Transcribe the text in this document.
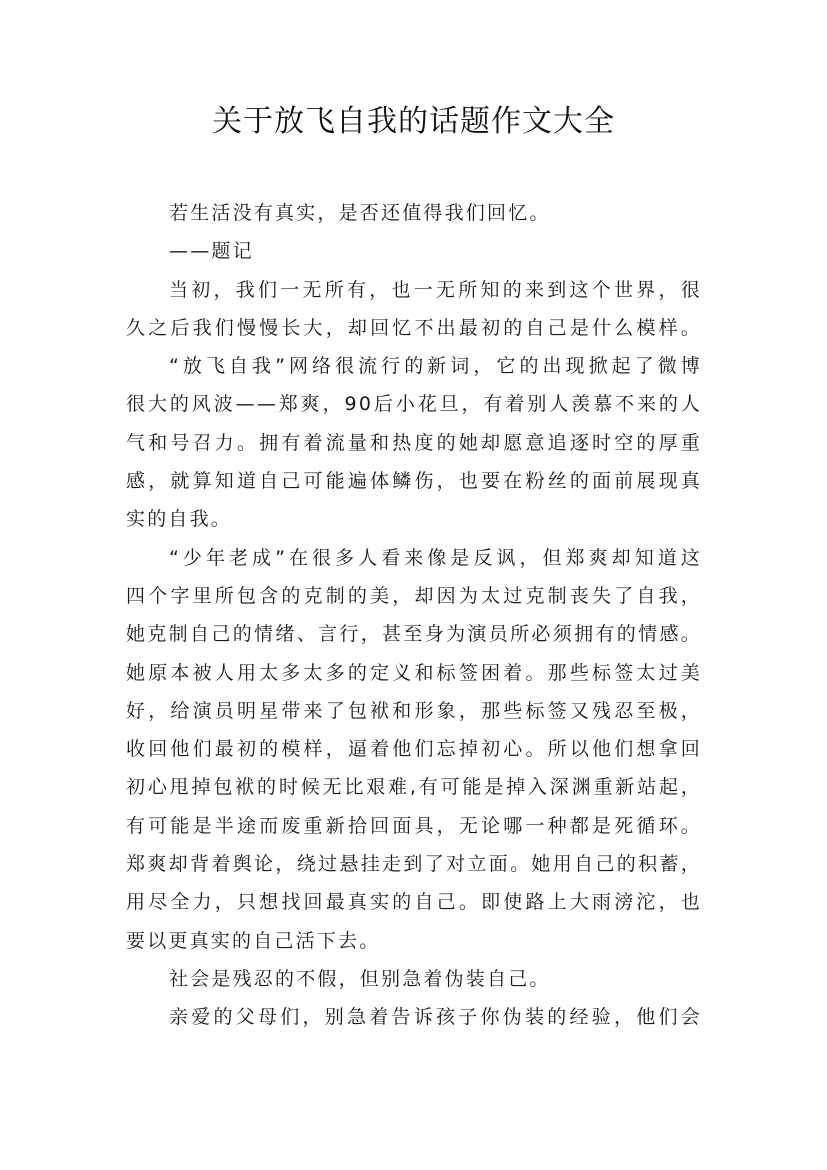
关于放飞自我的话题作文大全
若生活没有真实，是否还值得我们回忆。
——题记
当初，我们一无所有，也一无所知的来到这个世界，很
久之后我们慢慢长大，却回忆不出最初的自己是什么模样。
“放飞自我”网络很流行的新词，它的出现掀起了微博
很大的风波——郑爽，90后小花旦，有着别人羡慕不来的人
气和号召力。拥有着流量和热度的她却愿意追逐时空的厚重
感，就算知道自己可能遍体鳞伤，也要在粉丝的面前展现真
实的自我。
“少年老成”在很多人看来像是反讽，但郑爽却知道这
四个字里所包含的克制的美，却因为太过克制丧失了自我，
她克制自己的情绪、言行，甚至身为演员所必须拥有的情感。
她原本被人用太多太多的定义和标签困着。那些标签太过美
好，给演员明星带来了包袱和形象，那些标签又残忍至极，
收回他们最初的模样，逼着他们忘掉初心。所以他们想拿回
初心甩掉包袱的时候无比艰难,有可能是掉入深渊重新站起，
有可能是半途而废重新拾回面具，无论哪一种都是死循环。
郑爽却背着舆论，绕过悬挂走到了对立面。她用自己的积蓄，
用尽全力，只想找回最真实的自己。即使路上大雨滂沱，也
要以更真实的自己活下去。
社会是残忍的不假，但别急着伪装自己。
亲爱的父母们，别急着告诉孩子你伪装的经验，他们会
